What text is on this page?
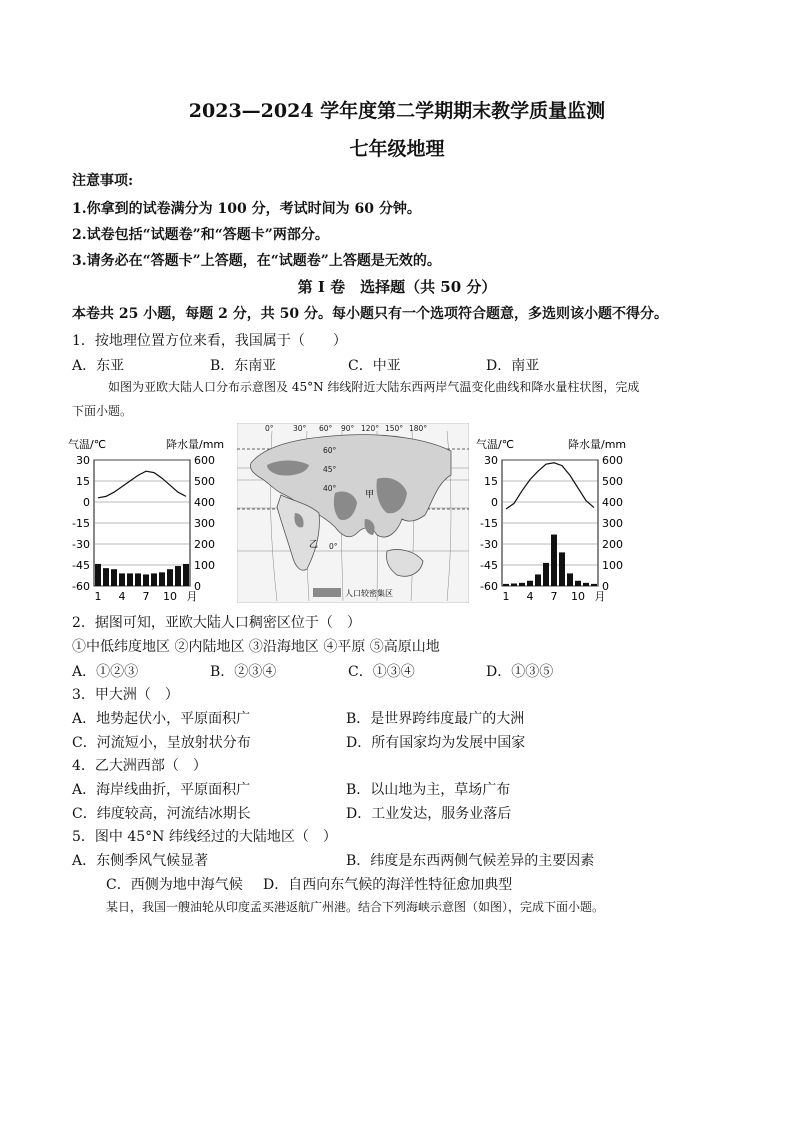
2023—2024 学年度第二学期期末教学质量监测
七年级地理
注意事项:
1.你拿到的试卷满分为 100 分，考试时间为 60 分钟。
2.试卷包括“试题卷”和“答题卡”两部分。
3.请务必在“答题卡”上答题，在“试题卷”上答题是无效的。
第 I 卷　选择题（共 50 分）
本卷共 25 小题，每题 2 分，共 50 分。每小题只有一个选项符合题意，多选则该小题不得分。
1．按地理位置方位来看，我国属于（　　）
A．东亚	B．东南亚	C．中亚	D．南亚
如图为亚欧大陆人口分布示意图及 45°N 纬线附近大陆东西两岸气温变化曲线和降水量柱状图，完成
下面小题。
气温/℃	降水量/mm
30
15
0
-15
-30
-45
-60
600
500
400
300
200
100
0
1 4 7 10 月
甲
乙
0°	30° 60° 90° 120° 150° 180°
60°
45°
40°
0°
人口较密集区
气温/℃	降水量/mm
30
15
0
-15
-30
-45
-60
600
500
400
300
200
100
0
1 4 7 10 月
2．据图可知，亚欧大陆人口稠密区位于（　）
①中低纬度地区 ②内陆地区 ③沿海地区 ④平原 ⑤高原山地
A．①②③	B．②③④	C．①③④	D．①③⑤
3．甲大洲（　）
A．地势起伏小，平原面积广	B．是世界跨纬度最广的大洲
C．河流短小，呈放射状分布	D．所有国家均为发展中国家
4．乙大洲西部（　）
A．海岸线曲折，平原面积广	B．以山地为主，草场广布
C．纬度较高，河流结冰期长	D．工业发达，服务业落后
5．图中 45°N 纬线经过的大陆地区（　）
A．东侧季风气候显著	B．纬度是东西两侧气候差异的主要因素
C．西侧为地中海气候 D．自西向东气候的海洋性特征愈加典型
某日，我国一艘油轮从印度孟买港返航广州港。结合下列海峡示意图（如图），完成下面小题。
